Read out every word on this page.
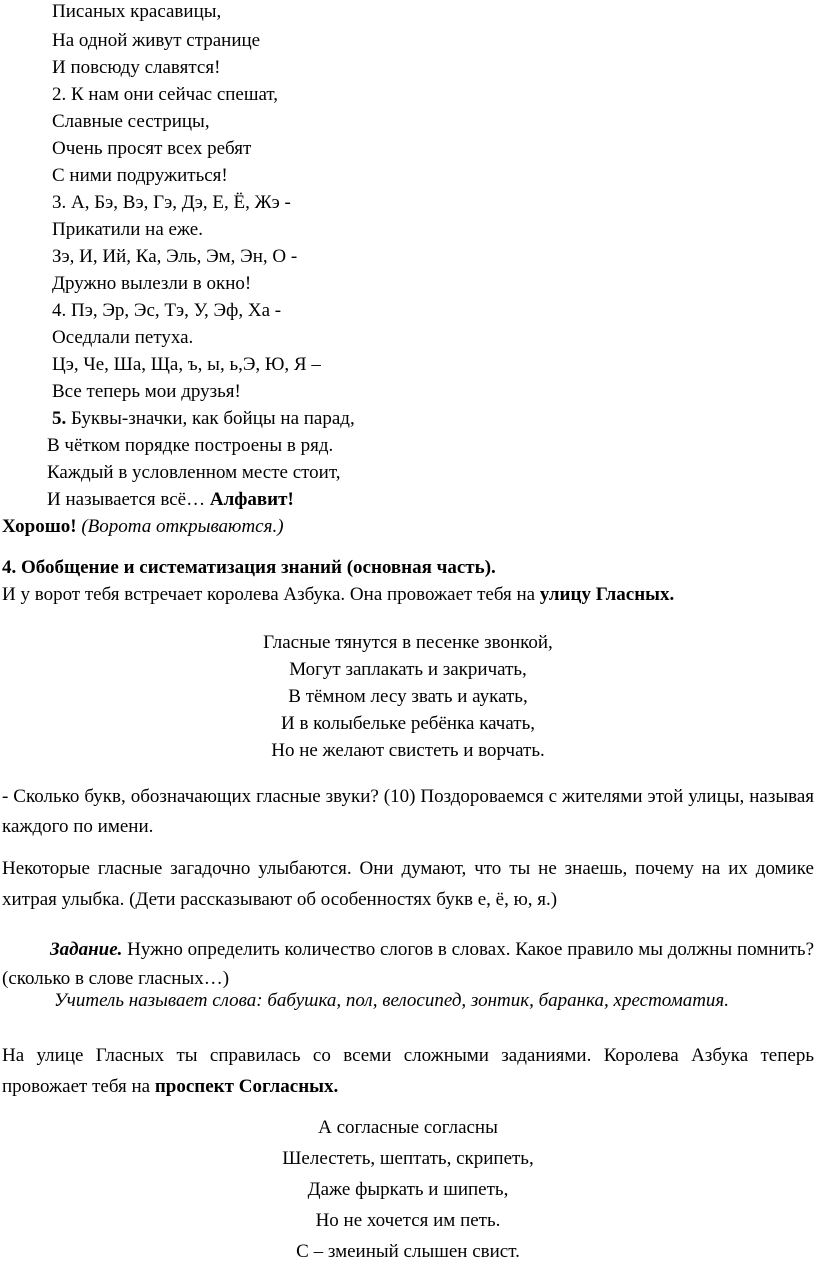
Писаных красавицы,
На одной живут странице
И повсюду славятся!
2. К нам они сейчас спешат,
Славные сестрицы,
Очень просят всех ребят
С ними подружиться!
3. А, Бэ, Вэ, Гэ, Дэ, Е, Ё, Жэ -
Прикатили на еже.
Зэ, И, Ий, Ка, Эль, Эм, Эн, О -
Дружно вылезли в окно!
4. Пэ, Эр, Эс, Тэ, У, Эф, Ха -
Оседлали петуха.
Цэ, Че, Ша, Ща, ъ, ы, ь,Э, Ю, Я –
Все теперь мои друзья!
5. Буквы-значки, как бойцы на парад,
В чётком порядке построены в ряд.
Каждый в условленном месте стоит,
И называется всё… Алфавит!
Хорошо! (Ворота открываются.)
4. Обобщение и систематизация знаний (основная часть).
И у ворот тебя встречает королева Азбука. Она провожает тебя на улицу Гласных.
Гласные тянутся в песенке звонкой,
Могут заплакать и закричать,
В тёмном лесу звать и аукать,
И в колыбельке ребёнка качать,
Но не желают свистеть и ворчать.
- Сколько букв, обозначающих гласные звуки? (10) Поздороваемся с жителями этой улицы, называя каждого по имени.
Некоторые гласные загадочно улыбаются. Они думают, что ты не знаешь, почему на их домике хитрая улыбка. (Дети рассказывают об особенностях букв е, ё, ю, я.)
Задание. Нужно определить количество слогов в словах. Какое правило мы должны помнить? (сколько в слове гласных…)
Учитель называет слова: бабушка, пол, велосипед, зонтик, баранка, хрестоматия.
На улице Гласных ты справилась со всеми сложными заданиями. Королева Азбука теперь провожает тебя на проспект Согласных.
А согласные согласны
Шелестеть, шептать, скрипеть,
Даже фыркать и шипеть,
Но не хочется им петь.
С – змеиный слышен свист.
